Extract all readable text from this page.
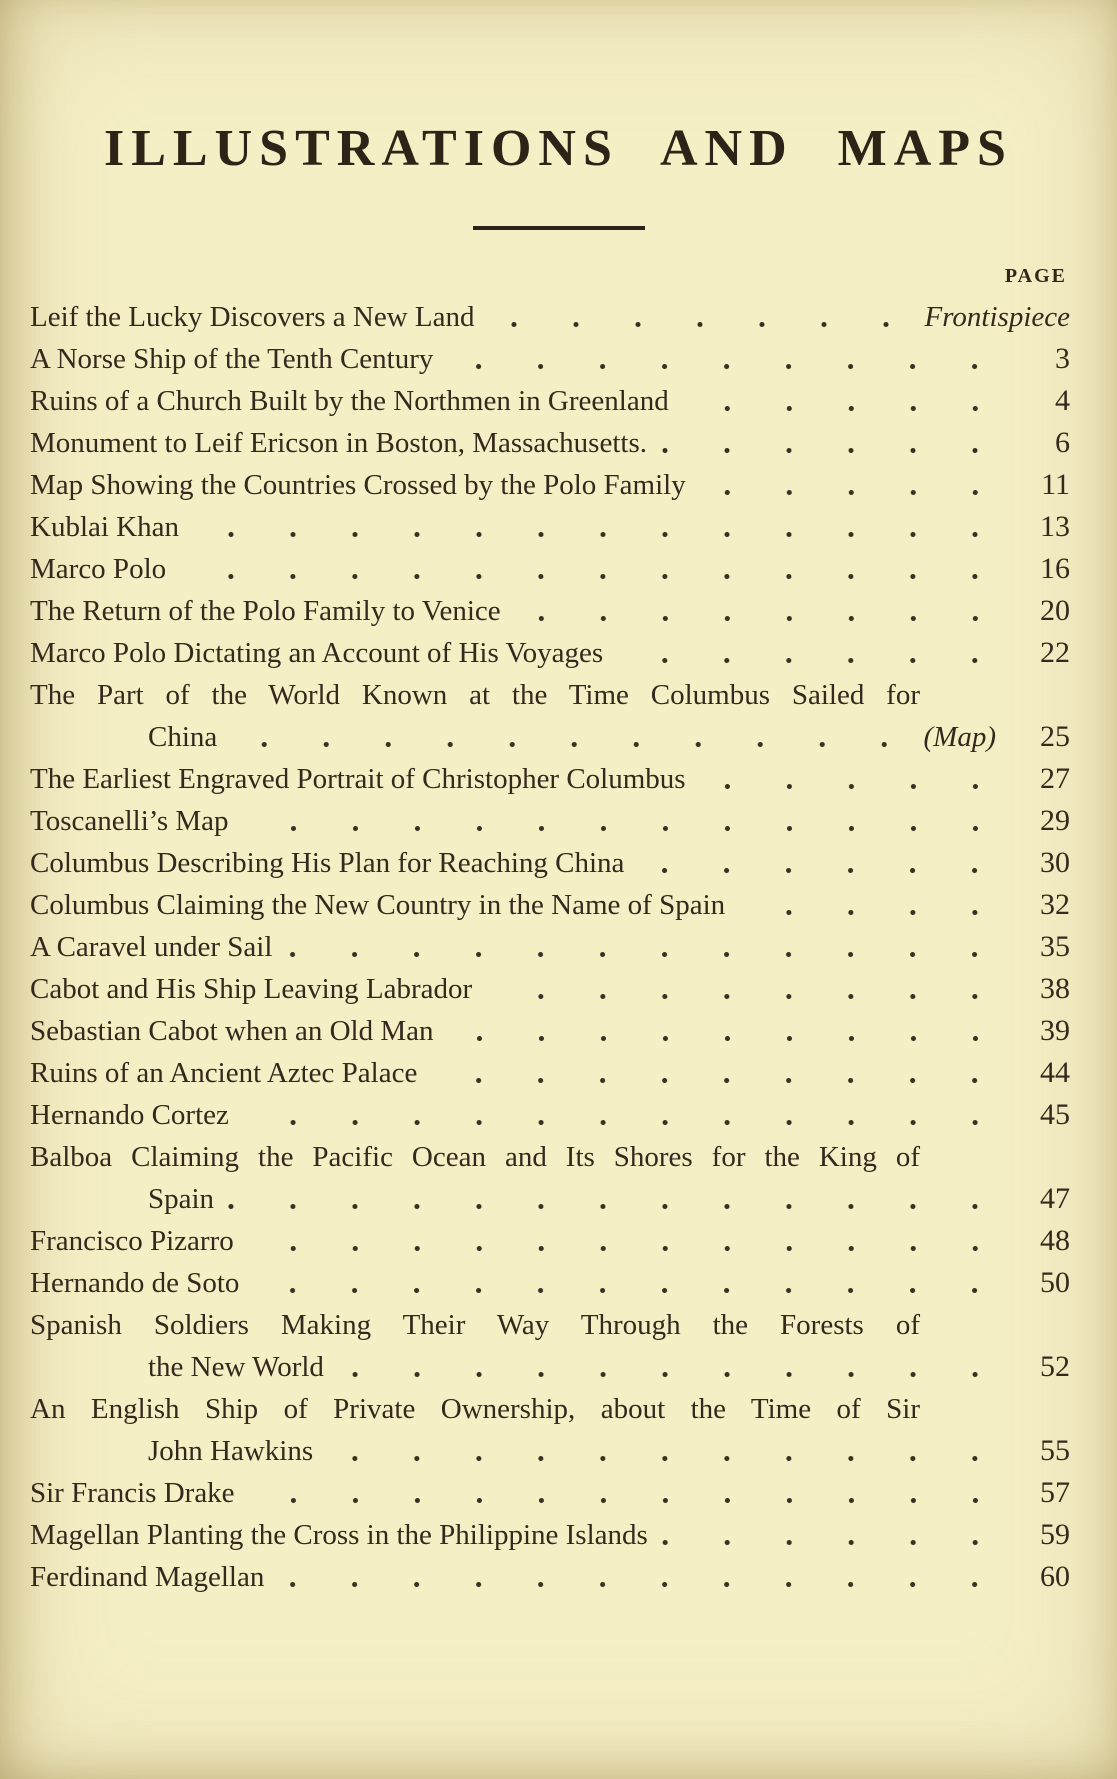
ILLUSTRATIONS AND MAPS
PAGE
Leif the Lucky Discovers a New Land	Frontispiece
A Norse Ship of the Tenth Century	3
Ruins of a Church Built by the Northmen in Greenland	4
Monument to Leif Ericson in Boston, Massachusetts.	6
Map Showing the Countries Crossed by the Polo Family	11
Kublai Khan	13
Marco Polo	16
The Return of the Polo Family to Venice	20
Marco Polo Dictating an Account of His Voyages	22
The Part of the World Known at the Time Columbus Sailed for
China	(Map)	25
The Earliest Engraved Portrait of Christopher Columbus	27
Toscanelli’s Map	29
Columbus Describing His Plan for Reaching China	30
Columbus Claiming the New Country in the Name of Spain	32
A Caravel under Sail	35
Cabot and His Ship Leaving Labrador	38
Sebastian Cabot when an Old Man	39
Ruins of an Ancient Aztec Palace	44
Hernando Cortez	45
Balboa Claiming the Pacific Ocean and Its Shores for the King of
Spain	47
Francisco Pizarro	48
Hernando de Soto	50
Spanish Soldiers Making Their Way Through the Forests of
the New World	52
An English Ship of Private Ownership, about the Time of Sir
John Hawkins	55
Sir Francis Drake	57
Magellan Planting the Cross in the Philippine Islands	59
Ferdinand Magellan	60
